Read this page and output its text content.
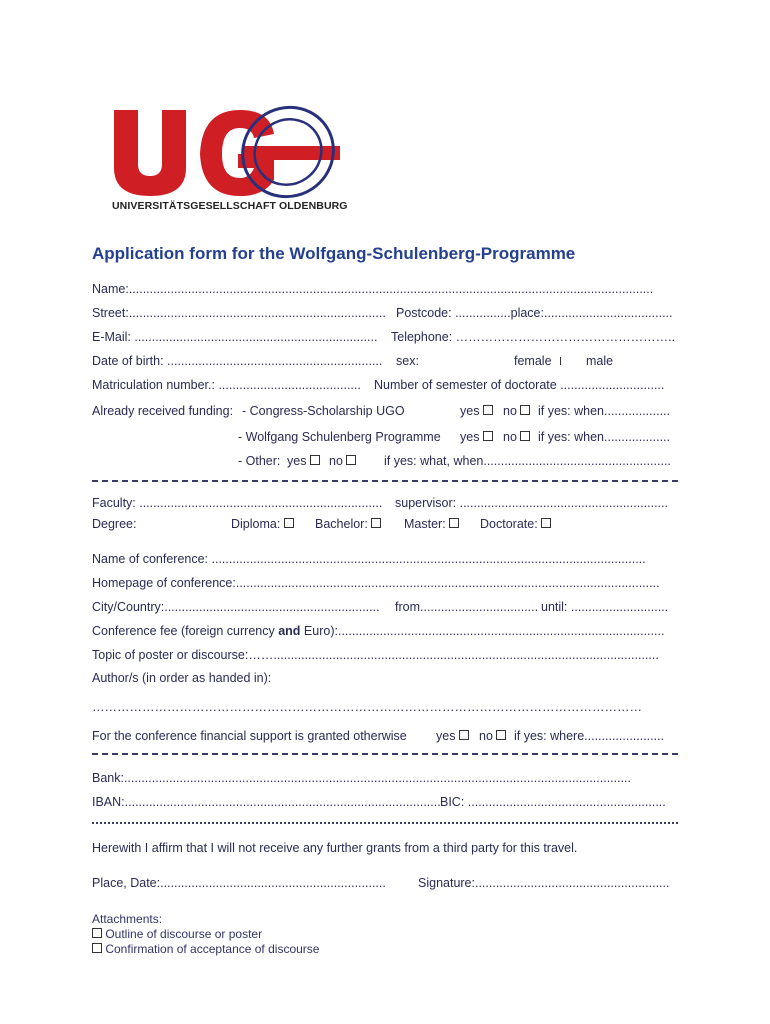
UNIVERSITÄTSGESELLSCHAFT OLDENBURG
Application form for the Wolfgang-Schulenberg-Programme
Name:.......................................................................................................................................................
Street:.......................................................................... Postcode: ................place:.....................................
E-Mail: ...................................................................... Telephone: ……………………………………………..
Date of birth: .............................................................. sex:	female	male
Matriculation number.: ......................................... Number of semester of doctorate ..............................
Already received funding: - Congress-Scholarship UGO	yes	no	if yes: when...................
- Wolfgang Schulenberg Programme yes	no	if yes: when...................
- Other: yes	no	if yes: what, when......................................................
Faculty: ...................................................................... supervisor: ............................................................
Degree:	Diploma:	Bachelor:	Master:	Doctorate:
Name of conference: .............................................................................................................................
Homepage of conference:..........................................................................................................................
City/Country:.............................................................. from.................................. until: ............................
Conference fee (foreign currency and Euro):..............................................................................................
Topic of poster or discourse:……...............................................................................................................
Author/s (in order as handed in):
……………………………………………………………………………………………………………………
For the conference financial support is granted otherwise yes	no	if yes: where.......................
Bank:..................................................................................................................................................
IBAN:........................................................................................... BIC: .........................................................
Herewith I affirm that I will not receive any further grants from a third party for this travel.
Place, Date:.................................................................	Signature:........................................................
Attachments:
Outline of discourse or poster
Confirmation of acceptance of discourse
